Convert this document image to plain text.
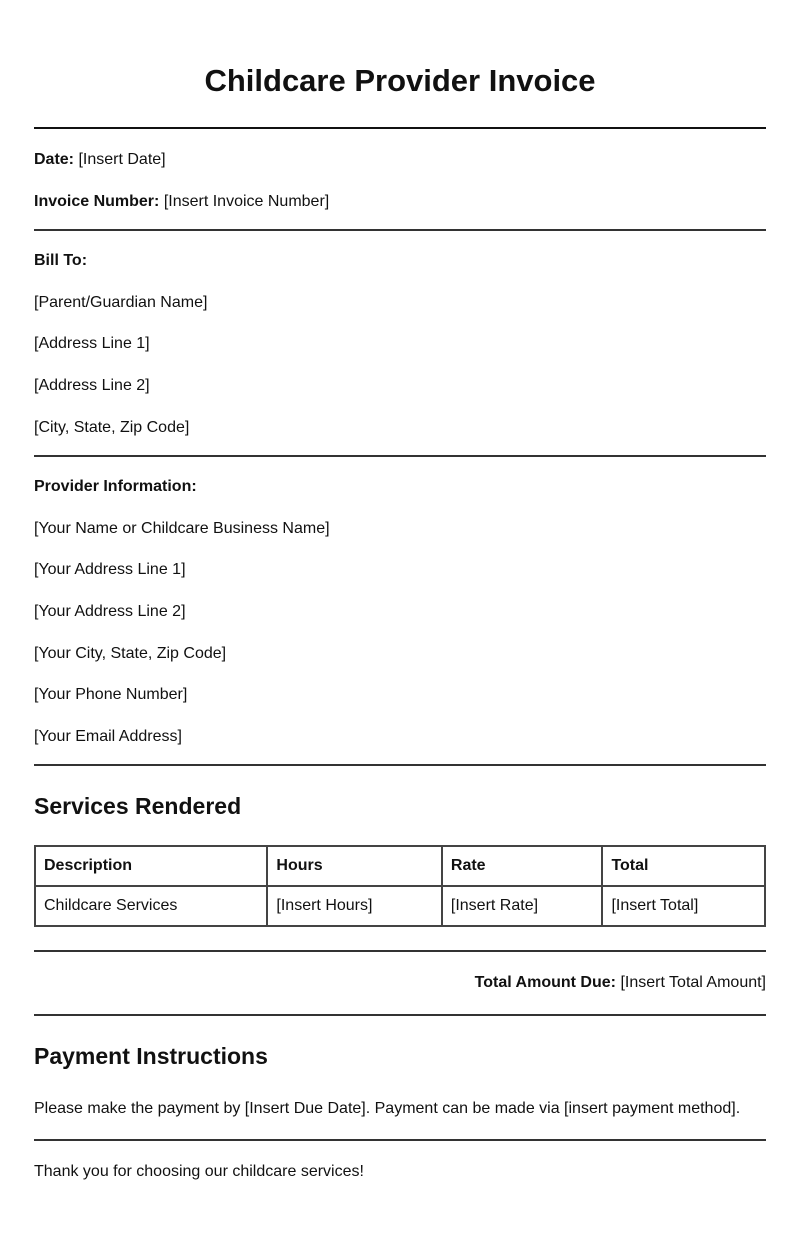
Childcare Provider Invoice
Date: [Insert Date]
Invoice Number: [Insert Invoice Number]
Bill To:
[Parent/Guardian Name]
[Address Line 1]
[Address Line 2]
[City, State, Zip Code]
Provider Information:
[Your Name or Childcare Business Name]
[Your Address Line 1]
[Your Address Line 2]
[Your City, State, Zip Code]
[Your Phone Number]
[Your Email Address]
Services Rendered
Description	Hours	Rate	Total
Childcare Services	[Insert Hours]	[Insert Rate]	[Insert Total]
Total Amount Due: [Insert Total Amount]
Payment Instructions
Please make the payment by [Insert Due Date]. Payment can be made via [insert payment method].
Thank you for choosing our childcare services!
